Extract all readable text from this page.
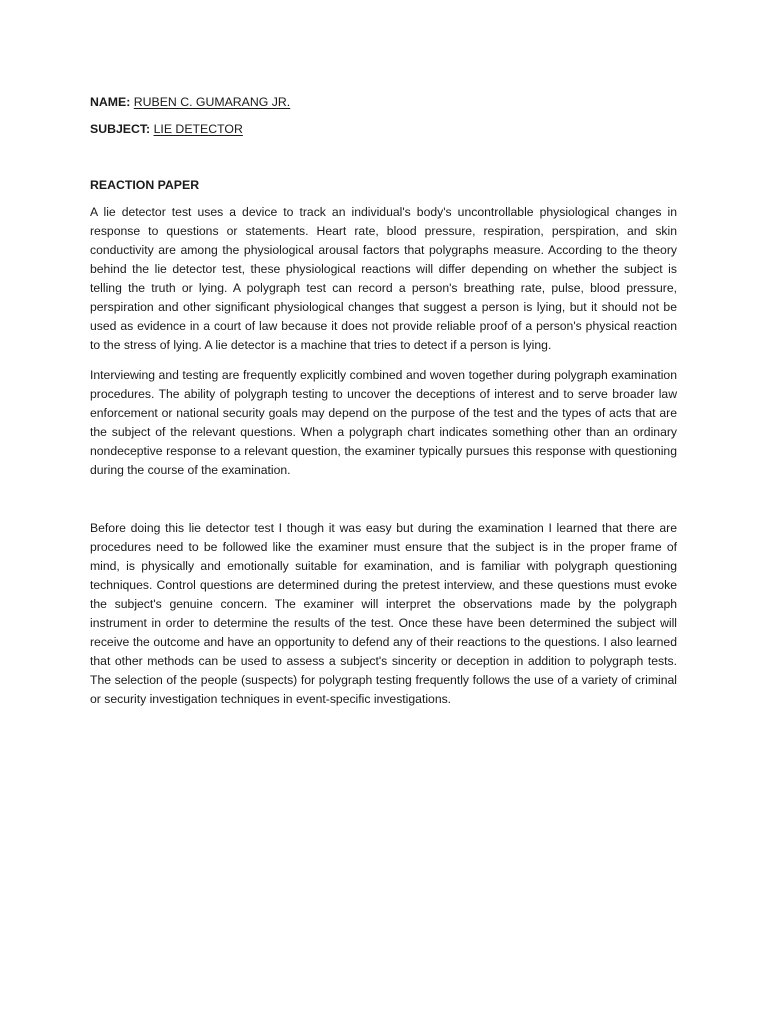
NAME: RUBEN C. GUMARANG JR.

SUBJECT: LIE DETECTOR

REACTION PAPER

A lie detector test uses a device to track an individual's body's uncontrollable physiological changes in response to questions or statements. Heart rate, blood pressure, respiration, perspiration, and skin conductivity are among the physiological arousal factors that polygraphs measure. According to the theory behind the lie detector test, these physiological reactions will differ depending on whether the subject is telling the truth or lying. A polygraph test can record a person's breathing rate, pulse, blood pressure, perspiration and other significant physiological changes that suggest a person is lying, but it should not be used as evidence in a court of law because it does not provide reliable proof of a person's physical reaction to the stress of lying. A lie detector is a machine that tries to detect if a person is lying.

Interviewing and testing are frequently explicitly combined and woven together during polygraph examination procedures. The ability of polygraph testing to uncover the deceptions of interest and to serve broader law enforcement or national security goals may depend on the purpose of the test and the types of acts that are the subject of the relevant questions. When a polygraph chart indicates something other than an ordinary nondeceptive response to a relevant question, the examiner typically pursues this response with questioning during the course of the examination.

Before doing this lie detector test I though it was easy but during the examination I learned that there are procedures need to be followed like the examiner must ensure that the subject is in the proper frame of mind, is physically and emotionally suitable for examination, and is familiar with polygraph questioning techniques. Control questions are determined during the pretest interview, and these questions must evoke the subject's genuine concern. The examiner will interpret the observations made by the polygraph instrument in order to determine the results of the test. Once these have been determined the subject will receive the outcome and have an opportunity to defend any of their reactions to the questions. I also learned that other methods can be used to assess a subject's sincerity or deception in addition to polygraph tests. The selection of the people (suspects) for polygraph testing frequently follows the use of a variety of criminal or security investigation techniques in event-specific investigations.
